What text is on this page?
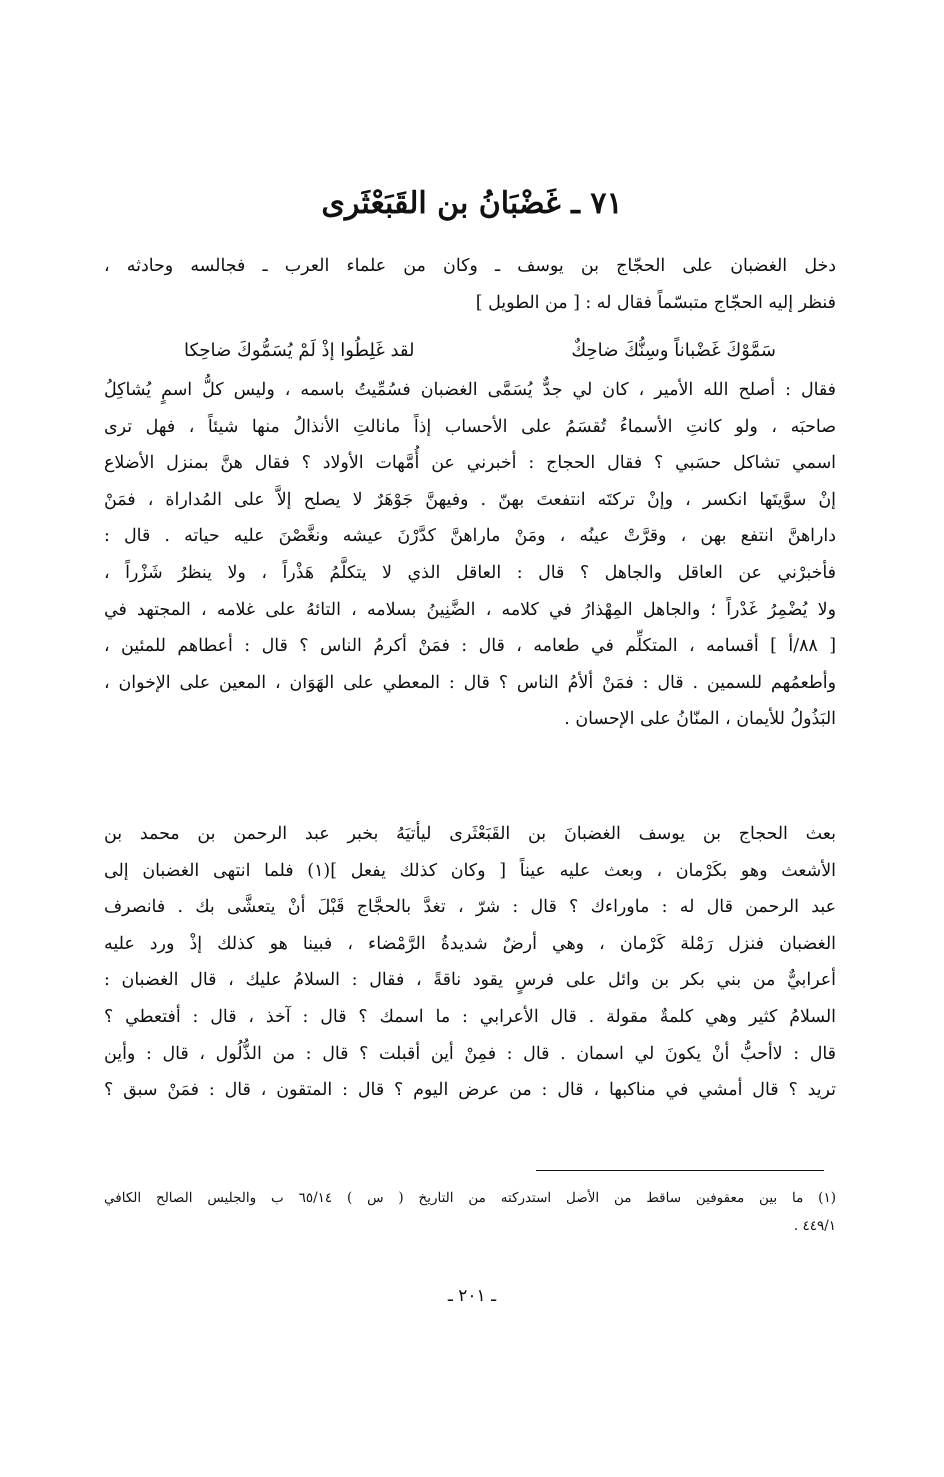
٧١ ـ غَضْبَانُ بن القَبَعْثَرى
دخل الغضبان على الحجّاج بن يوسف ـ وكان من علماء العرب ـ فجالسه وحادثه ،
فنظر إليه الحجّاج متبسّماً فقال له : [ من الطويل ]
سَمَّوْكَ غَضْباناً وسِنُّكَ ضاحِكٌ
لقد غَلِطُوا إذْ لَمْ يُسَمُّوكَ ضاحِكا
فقال : أصلح الله الأمير ، كان لي جدٌّ يُسَمَّى الغضبان فسُمِّيتُ باسمه ، وليس كلُّ اسمٍ يُشاكِلُ
صاحبَه ، ولو كانتِ الأسماءُ تُقسَمُ على الأحساب إذاً مانالتِ الأنذالُ منها شيئاً ، فهل ترى
اسمي تشاكل حسَبي ؟ فقال الحجاج : أخبرني عن أُمَّهات الأولاد ؟ فقال هنَّ بمنزل الأضلاع
إنْ سوَّيتَها انكسر ، وإنْ تركتَه انتفعتَ بهنّ . وفيهنَّ جَوْهَرٌ لا يصلح إلاَّ على المُداراة ، فمَنْ
داراهنَّ انتفع بهن ، وقرَّتْ عينُه ، ومَنْ ماراهنَّ كدَّرْنَ عيشه ونغَّصْنَ عليه حياته . قال :
فأخبرْني عن العاقل والجاهل ؟ قال : العاقل الذي لا يتكلَّمُ هَذْراً ، ولا ينظرُ شَزْراً ،
ولا يُضْمِرُ غَدْراً ؛ والجاهل المِهْذارُ في كلامه ، الضَّنِينُ بسلامه ، التائهُ على غلامه ، المجتهد في
[ ٨٨/أ ] أقسامه ، المتكلِّم في طعامه ، قال : فمَنْ أكرمُ الناس ؟ قال : أعطاهم للمئين ،
وأطعمُهم للسمين . قال : فمَنْ ألأمُ الناس ؟ قال : المعطي على الهَوَان ، المعين على الإخوان ،
البَذُولُ للأيمان ، المنّانُ على الإحسان .
بعث الحجاج بن يوسف الغضبانَ بن القَبَعْثَرى ليأتيَهُ بخبر عبد الرحمن بن محمد بن
الأشعث وهو بكَرْمان ، وبعث عليه عيناً [ وكان كذلك يفعل ](١) فلما انتهى الغضبان إلى
عبد الرحمن قال له : ماوراءك ؟ قال : شرّ ، تغدَّ بالحجَّاج قَبْلَ أنْ يتعشَّى بك . فانصرف
الغضبان فنزل رَمْلة كَرْمان ، وهي أرضٌ شديدةُ الرَّمْضاء ، فبينا هو كذلك إذْ ورد عليه
أعرابيٌّ من بني بكر بن وائل على فرسٍ يقود ناقةً ، فقال : السلامُ عليك ، قال الغضبان :
السلامُ كثير وهي كلمةٌ مقولة . قال الأعرابي : ما اسمك ؟ قال : آخذ ، قال : أفتعطي ؟
قال : لاأحبُّ أنْ يكونَ لي اسمان . قال : فمِنْ أين أقبلت ؟ قال : من الذُّلُول ، قال : وأين
تريد ؟ قال أمشي في مناكبها ، قال : من عرض اليوم ؟ قال : المتقون ، قال : فمَنْ سبق ؟
(١) ما بين معقوفين ساقط من الأصل استدركته من التاريخ ( س ) ٦٥/١٤ ب والجليس الصالح الكافي
٤٤٩/١ .
ـ ٢٠١ ـ
